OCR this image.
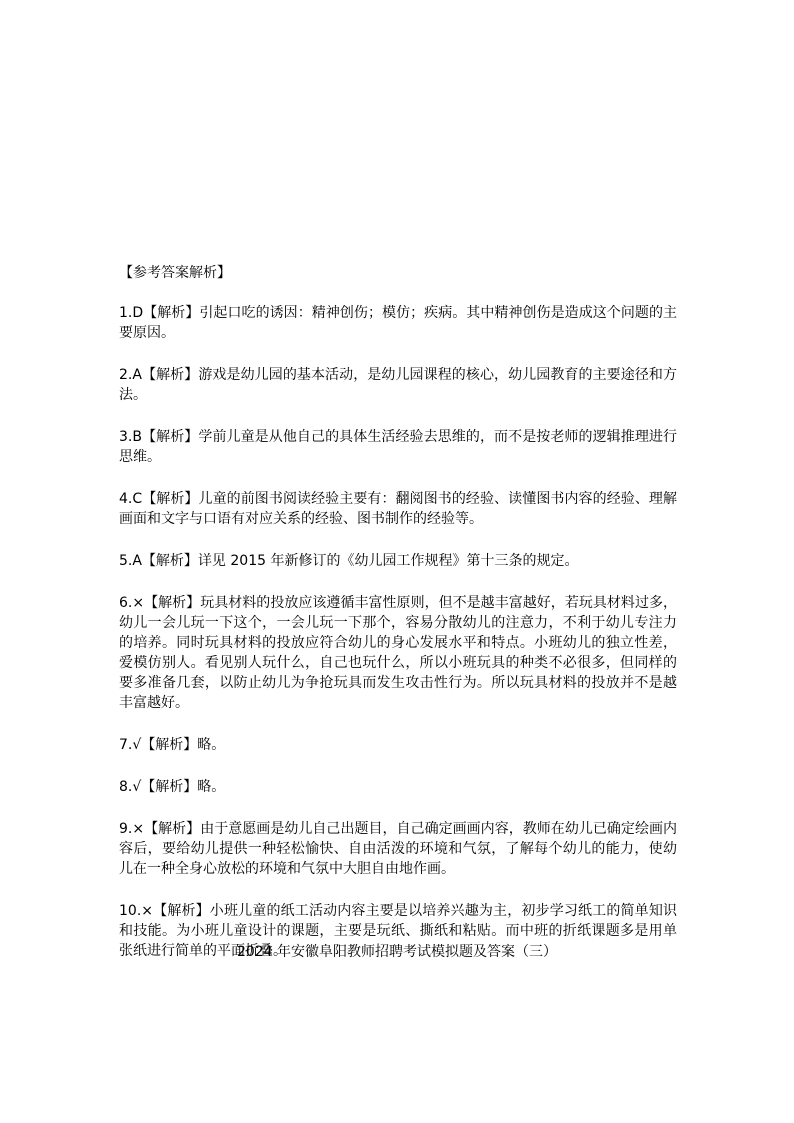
【参考答案解析】

1.D【解析】引起口吃的诱因：精神创伤；模仿；疾病。其中精神创伤是造成这个问题的主要原因。

2.A【解析】游戏是幼儿园的基本活动，是幼儿园课程的核心，幼儿园教育的主要途径和方法。

3.B【解析】学前儿童是从他自己的具体生活经验去思维的，而不是按老师的逻辑推理进行思维。

4.C【解析】儿童的前图书阅读经验主要有：翻阅图书的经验、读懂图书内容的经验、理解画面和文字与口语有对应关系的经验、图书制作的经验等。

5.A【解析】详见 2015 年新修订的《幼儿园工作规程》第十三条的规定。

6.×【解析】玩具材料的投放应该遵循丰富性原则，但不是越丰富越好，若玩具材料过多，幼儿一会儿玩一下这个，一会儿玩一下那个，容易分散幼儿的注意力，不利于幼儿专注力的培养。同时玩具材料的投放应符合幼儿的身心发展水平和特点。小班幼儿的独立性差，爱模仿别人。看见别人玩什么，自己也玩什么，所以小班玩具的种类不必很多，但同样的要多准备几套，以防止幼儿为争抢玩具而发生攻击性行为。所以玩具材料的投放并不是越丰富越好。

7.√【解析】略。

8.√【解析】略。

9.×【解析】由于意愿画是幼儿自己出题目，自己确定画画内容，教师在幼儿已确定绘画内容后，要给幼儿提供一种轻松愉快、自由活泼的环境和气氛，了解每个幼儿的能力，使幼儿在一种全身心放松的环境和气氛中大胆自由地作画。

10.×【解析】小班儿童的纸工活动内容主要是以培养兴趣为主，初步学习纸工的简单知识和技能。为小班儿童设计的课题，主要是玩纸、撕纸和粘贴。而中班的折纸课题多是用单张纸进行简单的平面折叠。

2024 年安徽阜阳教师招聘考试模拟题及答案（三）
